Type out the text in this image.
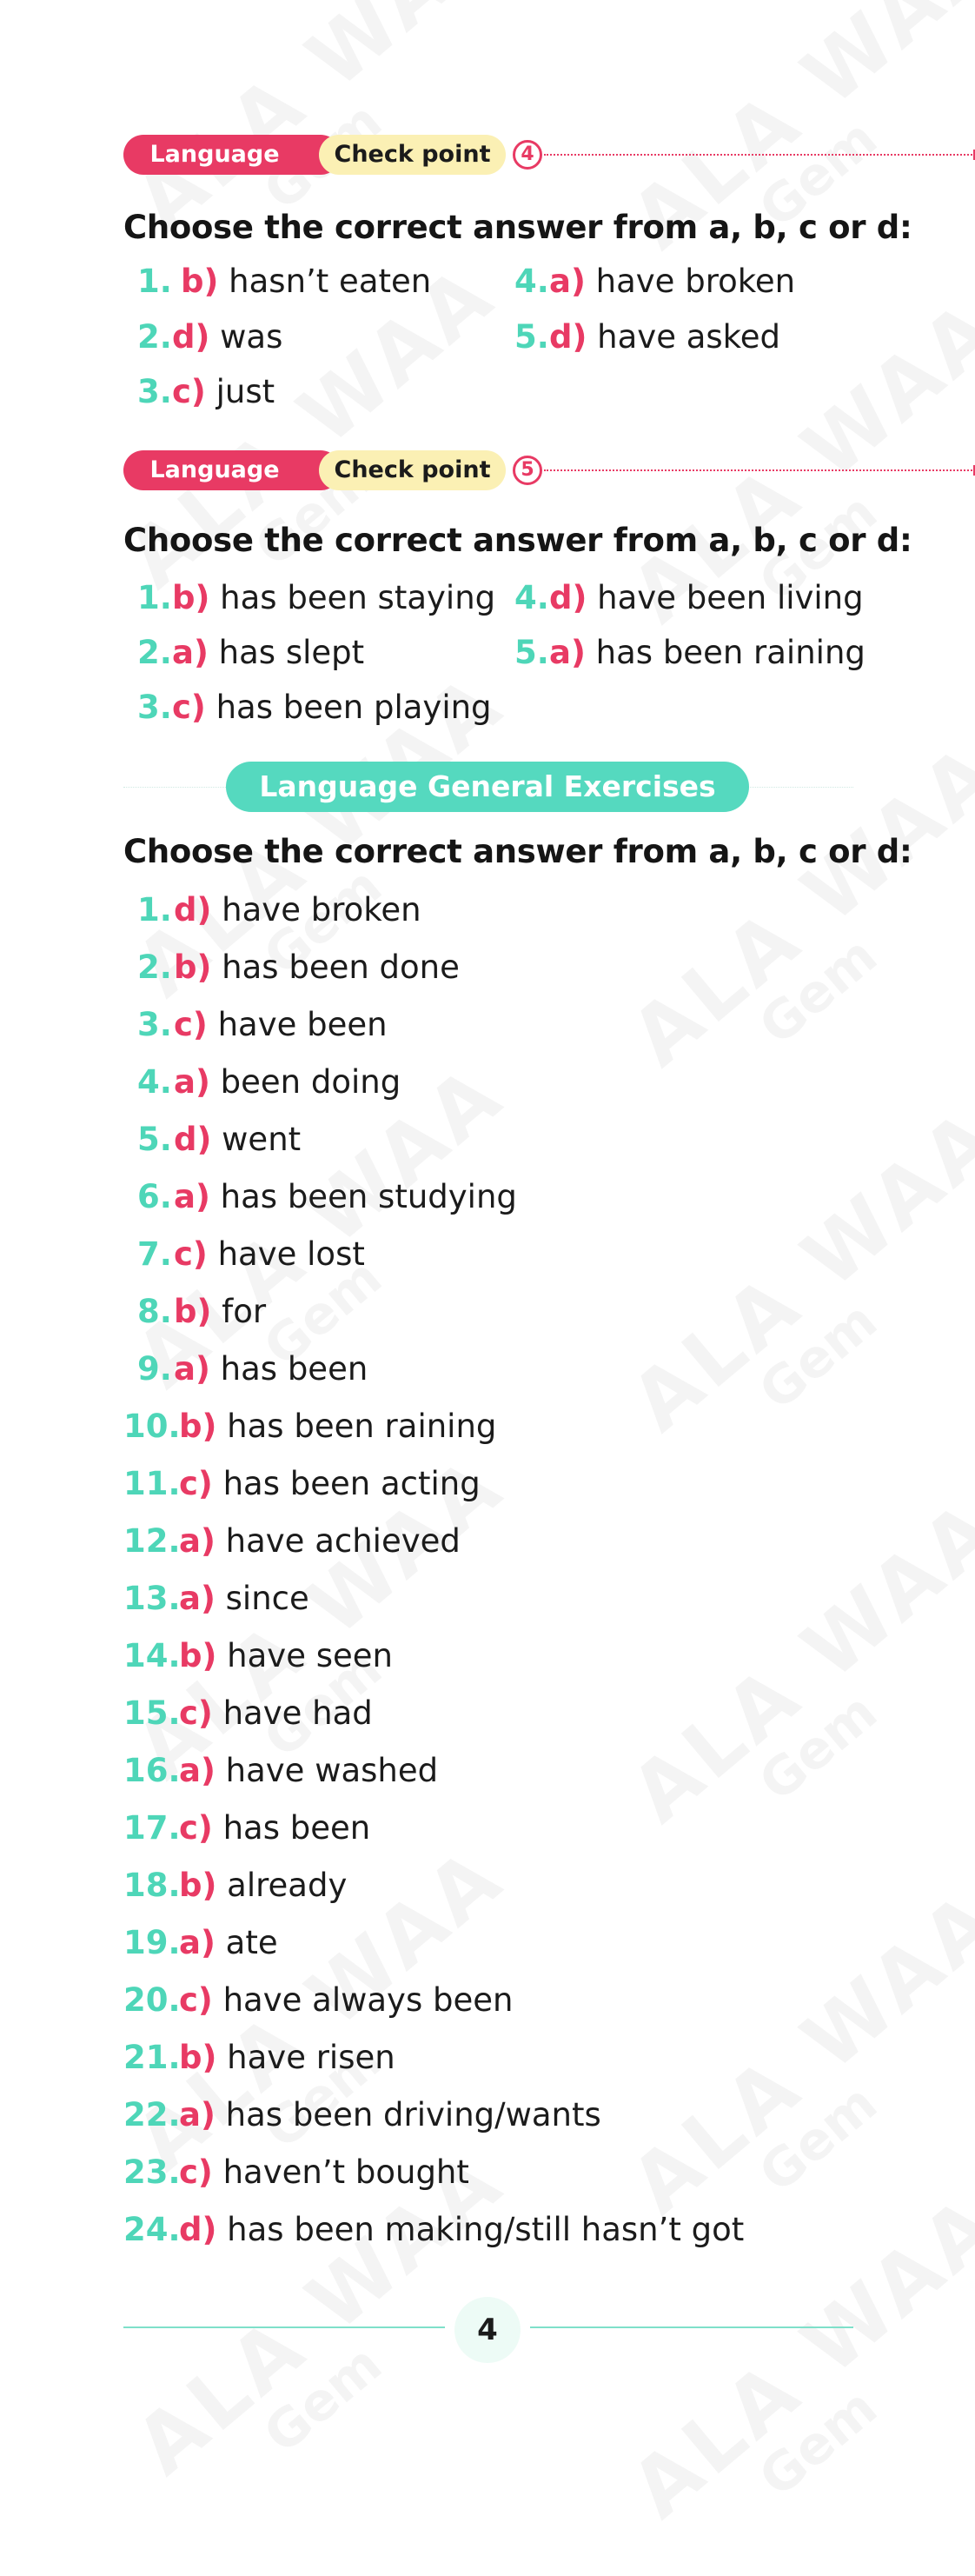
Language	Check point	4
Choose the correct answer from a, b, c or d:
1. b) hasn’t eaten
2.d) was
3.c) just
4.a) have broken
5.d) have asked
Language	Check point	5
Choose the correct answer from a, b, c or d:
1.b) has been staying
2.a) has slept
3.c) has been playing
4.d) have been living
5.a) has been raining
Language General Exercises
Choose the correct answer from a, b, c or d:
1.d) have broken
2.b) has been done
3.c) have been
4.a) been doing
5.d) went
6.a) has been studying
7.c) have lost
8.b) for
9.a) has been
10.b) has been raining
11.c) has been acting
12.a) have achieved
13.a) since
14.b) have seen
15.c) have had
16.a) have washed
17.c) has been
18.b) already
19.a) ate
20.c) have always been
21.b) have risen
22.a) has been driving/wants
23.c) haven’t bought
24.d) has been making/still hasn’t got
4
